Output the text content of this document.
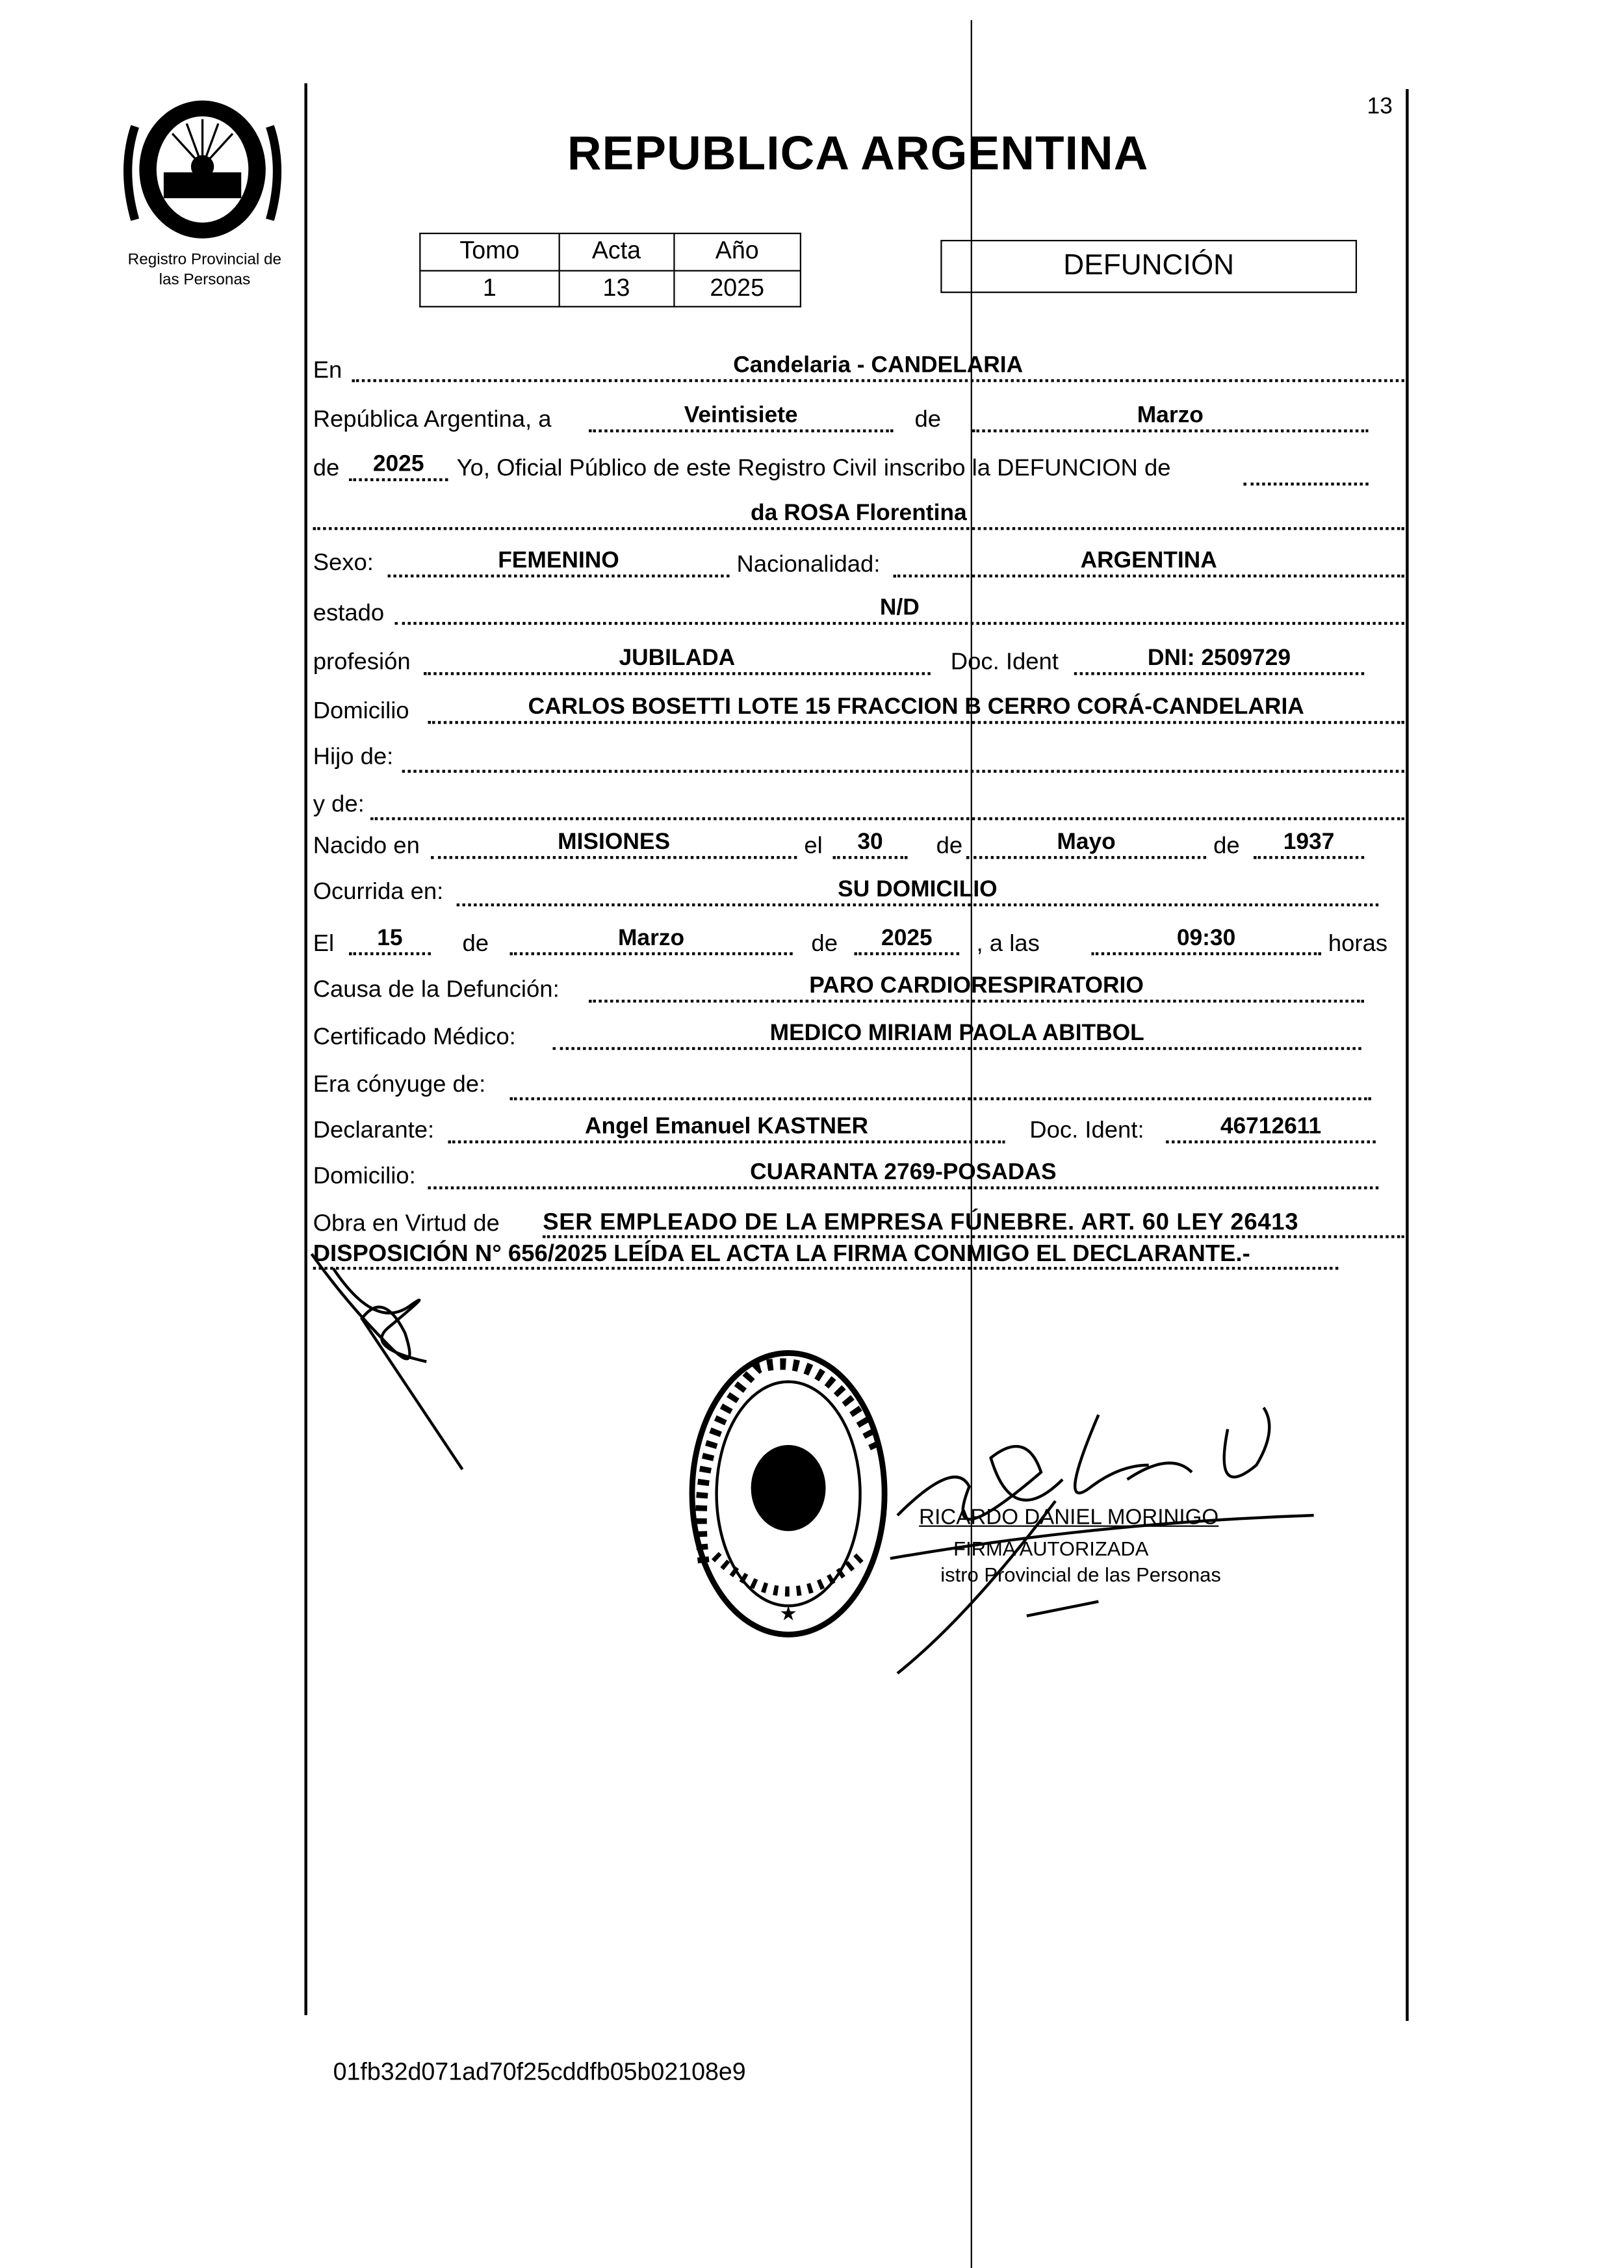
Registro Provincial de
las Personas
13
REPUBLICA ARGENTINA
Tomo	Acta	Año
1	13	2025
DEFUNCIÓN
En	Candelaria - CANDELARIA
República Argentina, a	Veintisiete	de	Marzo
de	2025	Yo, Oficial Público de este Registro Civil inscribo la DEFUNCION de
da ROSA Florentina
Sexo:	FEMENINO	Nacionalidad:	ARGENTINA
estado	N/D
profesión	JUBILADA	Doc. Ident	DNI: 2509729
Domicilio	CARLOS BOSETTI LOTE 15 FRACCION B CERRO CORÁ-CANDELARIA
Hijo de:
y de:
Nacido en	MISIONES	el	30	de	Mayo	de	1937
Ocurrida en:	SU DOMICILIO
El	15	de	Marzo	de	2025	, a las	09:30	horas
Causa de la Defunción:	PARO CARDIORESPIRATORIO
Certificado Médico:	MEDICO MIRIAM PAOLA ABITBOL
Era cónyuge de:
Declarante:	Angel Emanuel KASTNER	Doc. Ident:	46712611
Domicilio:	CUARANTA 2769-POSADAS
Obra en Virtud de	SER EMPLEADO DE LA EMPRESA FÚNEBRE. ART. 60 LEY 26413
DISPOSICIÓN N° 656/2025 LEÍDA EL ACTA LA FIRMA CONMIGO EL DECLARANTE.-
★
RICARDO DANIEL MORINIGO
FIRMA AUTORIZADA
istro Provincial de las Personas
01fb32d071ad70f25cddfb05b02108e9
